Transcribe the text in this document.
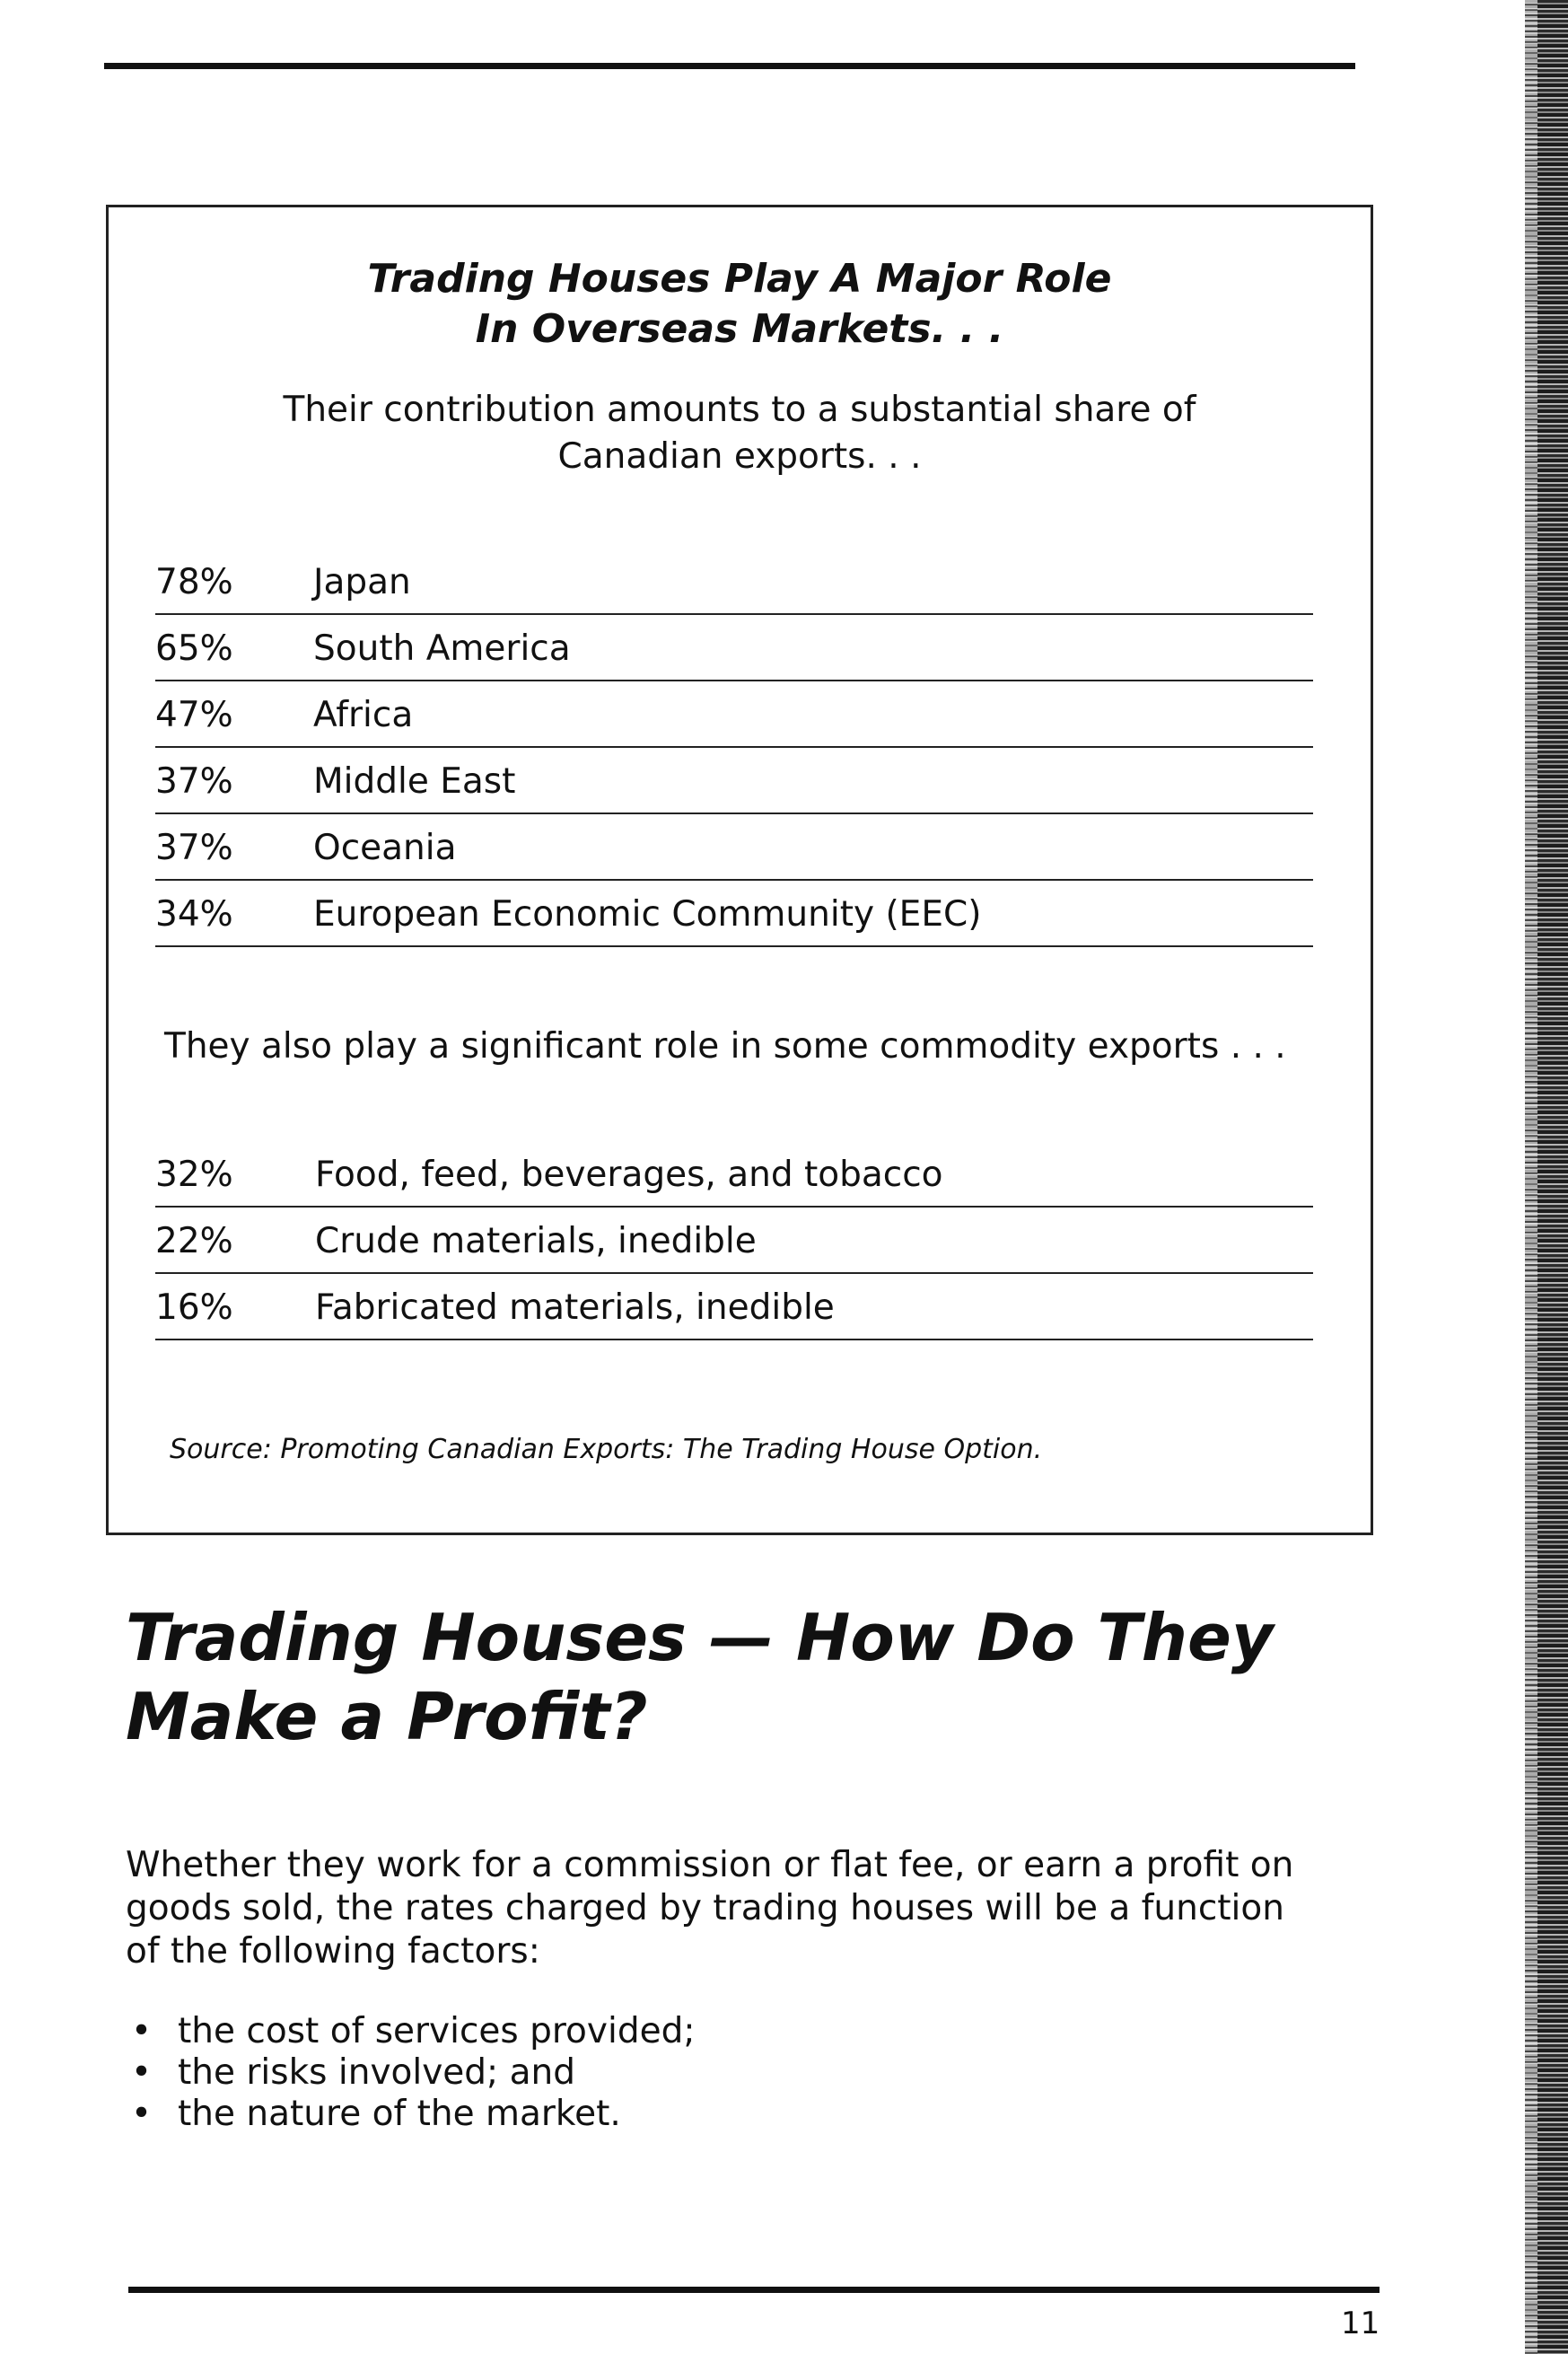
Trading Houses Play A Major Role
In Overseas Markets. . .
Their contribution amounts to a substantial share of
Canadian exports. . .
78% Japan
65% South America
47% Africa
37% Middle East
37% Oceania
34% European Economic Community (EEC)
They also play a significant role in some commodity exports . . .
32% Food, feed, beverages, and tobacco
22% Crude materials, inedible
16% Fabricated materials, inedible
Source: Promoting Canadian Exports: The Trading House Option.
Trading Houses — How Do They
Make a Profit?
Whether they work for a commission or flat fee, or earn a profit on
goods sold, the rates charged by trading houses will be a function
of the following factors:
• the cost of services provided;
• the risks involved; and
• the nature of the market.
11
